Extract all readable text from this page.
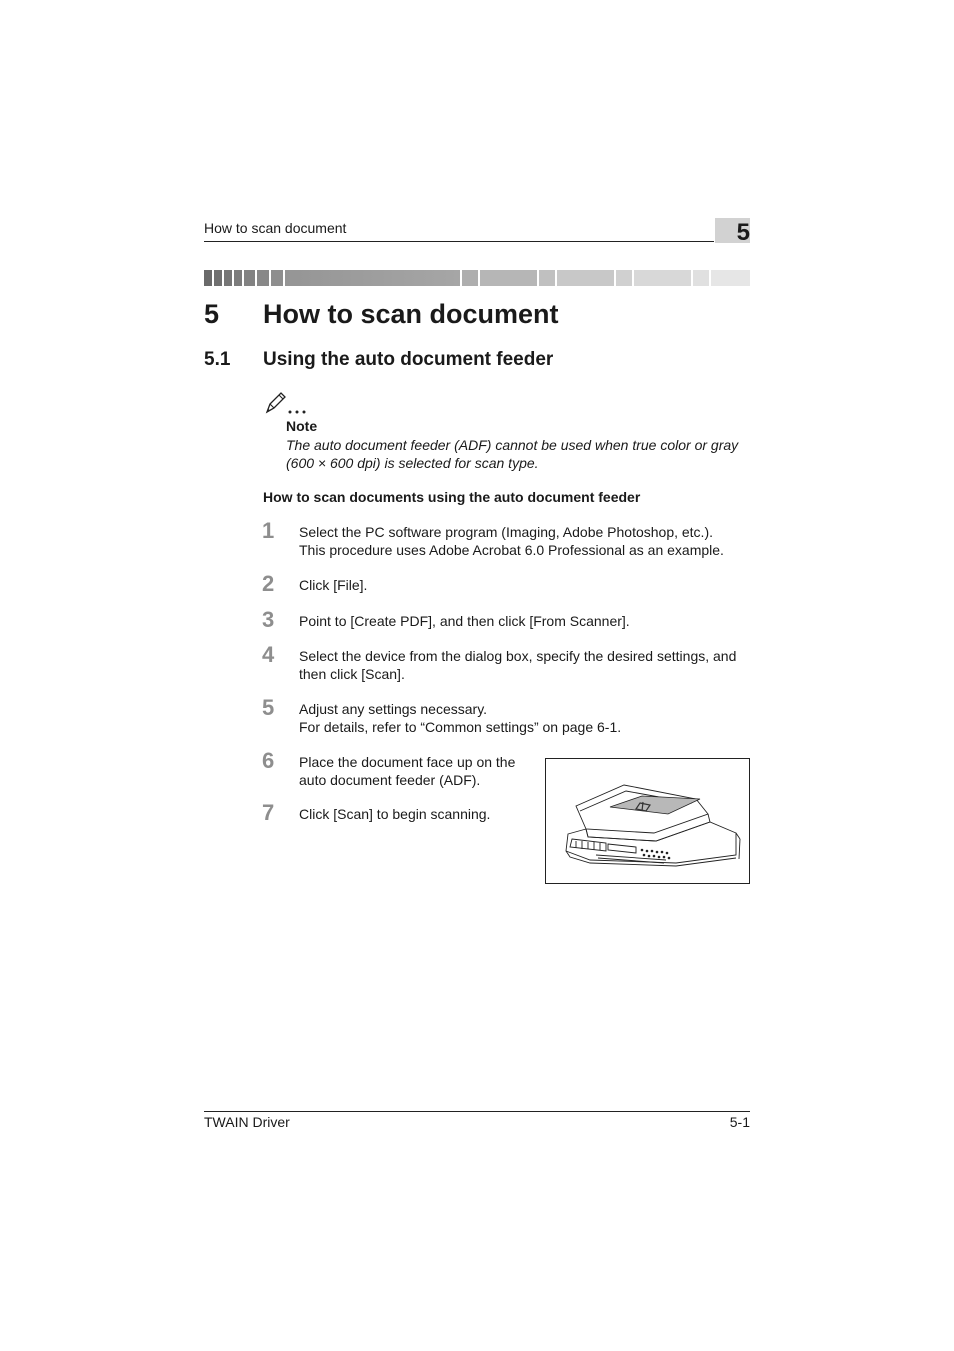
How to scan document	5
5 How to scan document
5.1 Using the auto document feeder
Note
The auto document feeder (ADF) cannot be used when true color or gray (600 × 600 dpi) is selected for scan type.
How to scan documents using the auto document feeder
1 Select the PC software program (Imaging, Adobe Photoshop, etc.).
This procedure uses Adobe Acrobat 6.0 Professional as an example.
2 Click [File].
3 Point to [Create PDF], and then click [From Scanner].
4 Select the device from the dialog box, specify the desired settings, and
then click [Scan].
5 Adjust any settings necessary.
For details, refer to “Common settings” on page 6-1.
6 Place the document face up on the
auto document feeder (ADF).
7 Click [Scan] to begin scanning.
TWAIN Driver	5-1
